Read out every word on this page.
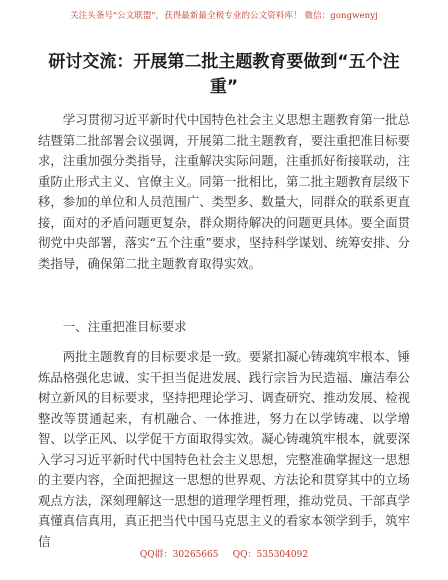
关注头条号"公文联盟"，获得最新最全极专业的公文资料库！ 微信：gongwenyj
研讨交流：开展第二批主题教育要做到“五个注重”
学习贯彻习近平新时代中国特色社会主义思想主题教育第一批总结暨第二批部署会议强调，开展第二批主题教育，要注重把准目标要求，注重加强分类指导，注重解决实际问题，注重抓好衔接联动，注重防止形式主义、官僚主义。同第一批相比，第二批主题教育层级下移，参加的单位和人员范围广、类型多、数量大，同群众的联系更直接，面对的矛盾问题更复杂，群众期待解决的问题更具体。要全面贯彻党中央部署，落实“五个注重”要求，坚持科学谋划、统筹安排、分类指导，确保第二批主题教育取得实效。
一、注重把准目标要求
两批主题教育的目标要求是一致。要紧扣凝心铸魂筑牢根本、锤炼品格强化忠诚、实干担当促进发展、践行宗旨为民造福、廉洁奉公树立新风的目标要求，坚持把理论学习、调查研究、推动发展、检视整改等贯通起来，有机融合、一体推进，努力在以学铸魂、以学增智、以学正风、以学促干方面取得实效。凝心铸魂筑牢根本，就要深入学习习近平新时代中国特色社会主义思想，完整准确掌握这一思想的主要内容，全面把握这一思想的世界观、方法论和贯穿其中的立场观点方法，深刻理解这一思想的道理学理哲理，推动党员、干部真学真懂真信真用，真正把当代中国马克思主义的看家本领学到手，筑牢信
QQ群：30265665     QQ：535304092
